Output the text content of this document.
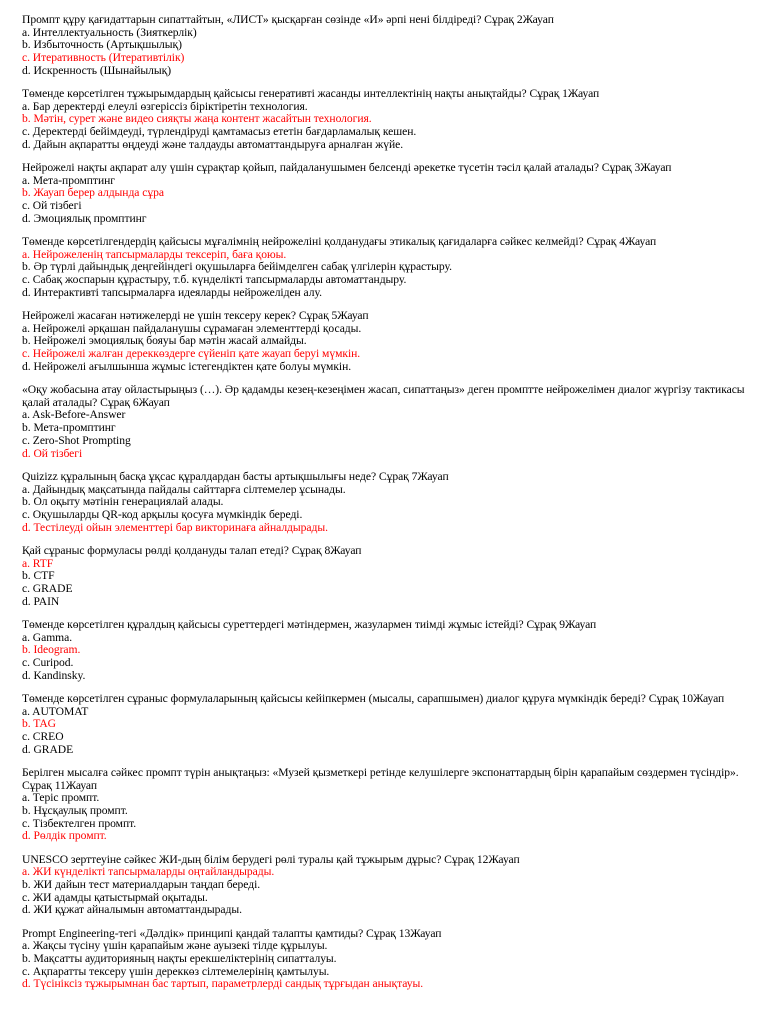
Промпт құру қағидаттарын сипаттайтын, «ЛИСТ» қысқарған сөзінде «И» әрпі нені білдіреді? Сұрақ 2Жауап
a. Интеллектуальность (Зияткерлік)
b. Избыточность (Артықшылық)
c. Итеративность (Итеративтілік)
d. Искренность (Шынайылық)
Төменде көрсетілген тұжырымдардың қайсысы генеративті жасанды интеллектінің нақты анықтайды? Сұрақ 1Жауап
a. Бар деректерді елеулі өзгеріссіз біріктіретін технология.
b. Мәтін, сурет және видео сияқты жаңа контент жасайтын технология.
c. Деректерді бейімдеуді, түрлендіруді қамтамасыз ететін бағдарламалық кешен.
d. Дайын ақпаратты өңдеуді және талдауды автоматтандыруға арналған жүйе.
Нейрожелі нақты ақпарат алу үшін сұрақтар қойып, пайдаланушымен белсенді әрекетке түсетін тәсіл қалай аталады? Сұрақ 3Жауап
a. Мета-промптинг
b. Жауап берер алдында сұра
c. Ой тізбегі
d. Эмоциялық промптинг
Төменде көрсетілгендердің қайсысы мұғалімнің нейрожеліні қолданудағы этикалық қағидаларға сәйкес келмейді? Сұрақ 4Жауап
a. Нейрожеленің тапсырмаларды тексеріп, баға қоюы.
b. Әр түрлі дайындық деңгейіндегі оқушыларға бейімделген сабақ үлгілерін құрастыру.
c. Сабақ жоспарын құрастыру, т.б. күнделікті тапсырмаларды автоматтандыру.
d. Интерактивті тапсырмаларға идеяларды нейрожеліден алу.
Нейрожелі жасаған нәтижелерді не үшін тексеру керек? Сұрақ 5Жауап
a. Нейрожелі әрқашан пайдаланушы сұрамаған элементтерді қосады.
b. Нейрожелі эмоциялық бояуы бар мәтін жасай алмайды.
c. Нейрожелі жалған дереккөздерге сүйеніп қате жауап беруі мүмкін.
d. Нейрожелі ағылшынша жұмыс істегендіктен қате болуы мүмкін.
«Оқу жобасына атау ойластырыңыз (…). Әр қадамды кезең-кезеңімен жасап, сипаттаңыз» деген промптте нейрожелімен диалог жүргізу тактикасы қалай аталады? Сұрақ 6Жауап
a. Ask-Before-Answer
b. Мета-промптинг
c. Zero-Shot Prompting
d. Ой тізбегі
Quizizz құралының басқа ұқсас құралдардан басты артықшылығы неде? Сұрақ 7Жауап
a. Дайындық мақсатында пайдалы сайттарға сілтемелер ұсынады.
b. Ол оқыту мәтінін генерациялай алады.
c. Оқушыларды QR-код арқылы қосуға мүмкіндік береді.
d. Тестілеуді ойын элементтері бар викторинаға айналдырады.
Қай сұраныс формуласы рөлді қолдануды талап етеді? Сұрақ 8Жауап
a. RTF
b. CTF
c. GRADE
d. PAIN
Төменде көрсетілген құралдың қайсысы суреттердегі мәтіндермен, жазулармен тиімді жұмыс істейді? Сұрақ 9Жауап
a. Gamma.
b. Ideogram.
c. Curipod.
d. Kandinsky.
Төменде көрсетілген сұраныс формулаларының қайсысы кейіпкермен (мысалы, сарапшымен) диалог құруға мүмкіндік береді? Сұрақ 10Жауап
a. AUTOMAT
b. TAG
c. CREO
d. GRADE
Берілген мысалға сәйкес промпт түрін анықтаңыз: «Музей қызметкері ретінде келушілерге экспонаттардың бірін қарапайым сөздермен түсіндір». Сұрақ 11Жауап
a. Теріс промпт.
b. Нұсқаулық промпт.
c. Тізбектелген промпт.
d. Рөлдік промпт.
UNESCO зерттеуіне сәйкес ЖИ-дың білім берудегі рөлі туралы қай тұжырым дұрыс? Сұрақ 12Жауап
a. ЖИ күнделікті тапсырмаларды оңтайландырады.
b. ЖИ дайын тест материалдарын таңдап береді.
c. ЖИ адамды қатыстырмай оқытады.
d. ЖИ құжат айналымын автоматтандырады.
Prompt Engineering-тегі «Дәлдік» принципі қандай талапты қамтиды? Сұрақ 13Жауап
a. Жақсы түсіну үшін қарапайым және ауызекі тілде құрылуы.
b. Мақсатты аудиторияның нақты ерекшеліктерінің сипатталуы.
c. Ақпаратты тексеру үшін дереккөз сілтемелерінің қамтылуы.
d. Түсініксіз тұжырымнан бас тартып, параметрлерді сандық тұрғыдан анықтауы.
